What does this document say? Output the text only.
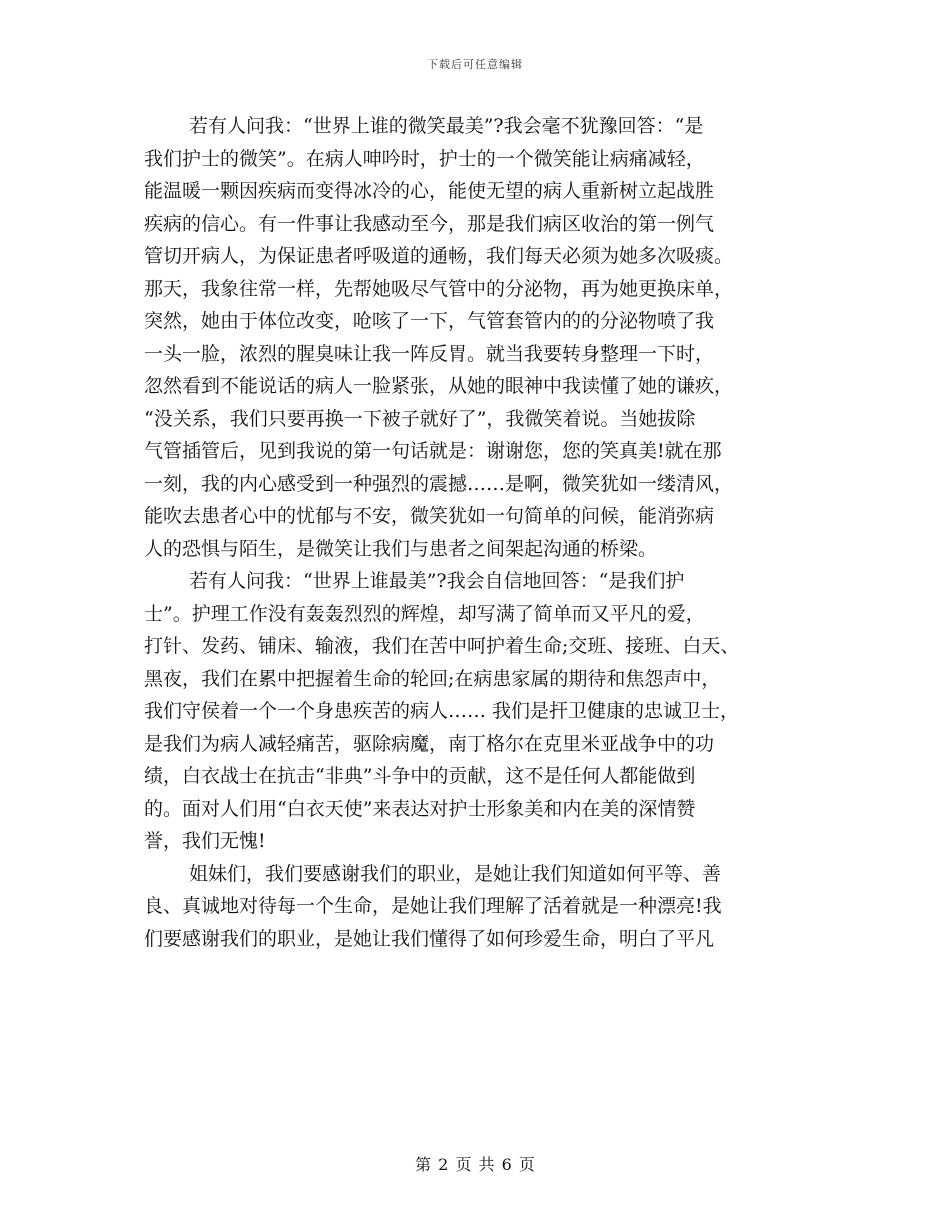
下载后可任意编辑
若有人问我：“世界上谁的微笑最美”?我会毫不犹豫回答：“是
我们护士的微笑”。在病人呻吟时，护士的一个微笑能让病痛减轻，
能温暖一颗因疾病而变得冰冷的心，能使无望的病人重新树立起战胜
疾病的信心。有一件事让我感动至今，那是我们病区收治的第一例气
管切开病人，为保证患者呼吸道的通畅，我们每天必须为她多次吸痰。
那天，我象往常一样，先帮她吸尽气管中的分泌物，再为她更换床单，
突然，她由于体位改变，呛咳了一下，气管套管内的的分泌物喷了我
一头一脸，浓烈的腥臭味让我一阵反胃。就当我要转身整理一下时，
忽然看到不能说话的病人一脸紧张，从她的眼神中我读懂了她的谦疚，
“没关系，我们只要再换一下被子就好了”，我微笑着说。当她拔除
气管插管后，见到我说的第一句话就是：谢谢您，您的笑真美!就在那
一刻，我的内心感受到一种强烈的震撼……是啊，微笑犹如一缕清风，
能吹去患者心中的忧郁与不安，微笑犹如一句简单的问候，能消弥病
人的恐惧与陌生，是微笑让我们与患者之间架起沟通的桥梁。
若有人问我：“世界上谁最美”?我会自信地回答：“是我们护
士”。护理工作没有轰轰烈烈的辉煌，却写满了简单而又平凡的爱，
打针、发药、铺床、输液，我们在苦中呵护着生命;交班、接班、白天、
黑夜，我们在累中把握着生命的轮回;在病患家属的期待和焦怨声中，
我们守侯着一个一个身患疾苦的病人…… 我们是扞卫健康的忠诚卫士，
是我们为病人减轻痛苦，驱除病魔，南丁格尔在克里米亚战争中的功
绩，白衣战士在抗击“非典”斗争中的贡献，这不是任何人都能做到
的。面对人们用“白衣天使”来表达对护士形象美和内在美的深情赞
誉，我们无愧!
姐妹们，我们要感谢我们的职业，是她让我们知道如何平等、善
良、真诚地对待每一个生命，是她让我们理解了活着就是一种漂亮!我
们要感谢我们的职业，是她让我们懂得了如何珍爱生命，明白了平凡
第 2 页 共 6 页
